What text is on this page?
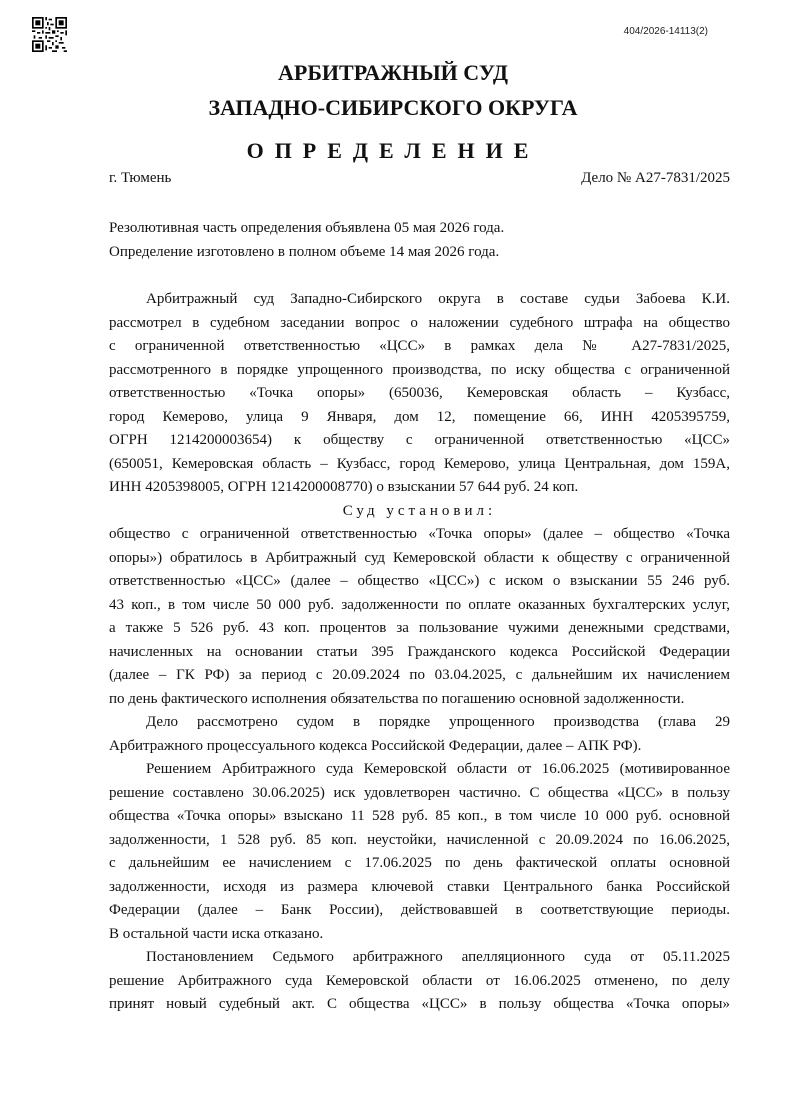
404/2026-14113(2)
АРБИТРАЖНЫЙ СУД
ЗАПАДНО-СИБИРСКОГО ОКРУГА
ОПРЕДЕЛЕНИЕ
г. Тюмень	Дело № А27-7831/2025
Резолютивная часть определения объявлена 05 мая 2026 года.
Определение изготовлено в полном объеме 14 мая 2026 года.
Арбитражный суд Западно-Сибирского округа в составе судьи Забоева К.И.
рассмотрел в судебном заседании вопрос о наложении судебного штрафа на общество
с ограниченной ответственностью «ЦСС» в рамках дела № А27-7831/2025,
рассмотренного в порядке упрощенного производства, по иску общества с ограниченной
ответственностью «Точка опоры» (650036, Кемеровская область – Кузбасс,
город Кемерово, улица 9 Января, дом 12, помещение 66, ИНН 4205395759,
ОГРН 1214200003654) к обществу с ограниченной ответственностью «ЦСС»
(650051, Кемеровская область – Кузбасс, город Кемерово, улица Центральная, дом 159А,
ИНН 4205398005, ОГРН 1214200008770) о взыскании 57 644 руб. 24 коп.
Суд установил:
общество с ограниченной ответственностью «Точка опоры» (далее – общество «Точка
опоры») обратилось в Арбитражный суд Кемеровской области к обществу с ограниченной
ответственностью «ЦСС» (далее – общество «ЦСС») с иском о взыскании 55 246 руб.
43 коп., в том числе 50 000 руб. задолженности по оплате оказанных бухгалтерских услуг,
а также 5 526 руб. 43 коп. процентов за пользование чужими денежными средствами,
начисленных на основании статьи 395 Гражданского кодекса Российской Федерации
(далее – ГК РФ) за период с 20.09.2024 по 03.04.2025, с дальнейшим их начислением
по день фактического исполнения обязательства по погашению основной задолженности.
Дело рассмотрено судом в порядке упрощенного производства (глава 29
Арбитражного процессуального кодекса Российской Федерации, далее – АПК РФ).
Решением Арбитражного суда Кемеровской области от 16.06.2025 (мотивированное
решение составлено 30.06.2025) иск удовлетворен частично. С общества «ЦСС» в пользу
общества «Точка опоры» взыскано 11 528 руб. 85 коп., в том числе 10 000 руб. основной
задолженности, 1 528 руб. 85 коп. неустойки, начисленной с 20.09.2024 по 16.06.2025,
с дальнейшим ее начислением с 17.06.2025 по день фактической оплаты основной
задолженности, исходя из размера ключевой ставки Центрального банка Российской
Федерации (далее – Банк России), действовавшей в соответствующие периоды.
В остальной части иска отказано.
Постановлением Седьмого арбитражного апелляционного суда от 05.11.2025
решение Арбитражного суда Кемеровской области от 16.06.2025 отменено, по делу
принят новый судебный акт. С общества «ЦСС» в пользу общества «Точка опоры»
